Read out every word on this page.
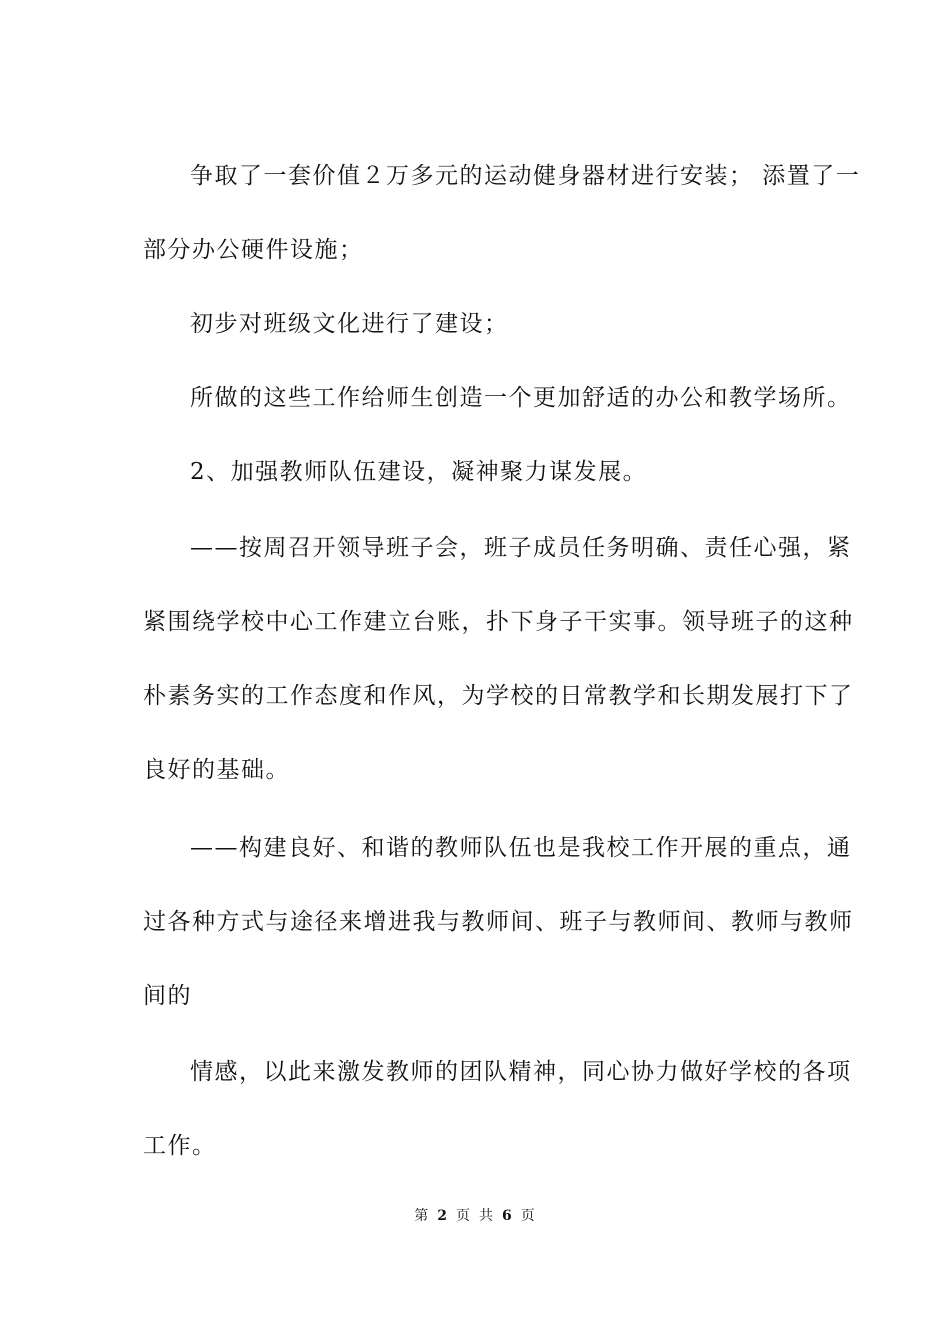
争取了一套价值２万多元的运动健身器材进行安装； 添置了一

部分办公硬件设施；

初步对班级文化进行了建设；

所做的这些工作给师生创造一个更加舒适的办公和教学场所。

2、加强教师队伍建设，凝神聚力谋发展。

——按周召开领导班子会，班子成员任务明确、责任心强，紧

紧围绕学校中心工作建立台账，扑下身子干实事。领导班子的这种

朴素务实的工作态度和作风，为学校的日常教学和长期发展打下了

良好的基础。

——构建良好、和谐的教师队伍也是我校工作开展的重点，通

过各种方式与途径来增进我与教师间、班子与教师间、教师与教师

间的

情感，以此来激发教师的团队精神，同心协力做好学校的各项

工作。

第 2 页 共 6 页
